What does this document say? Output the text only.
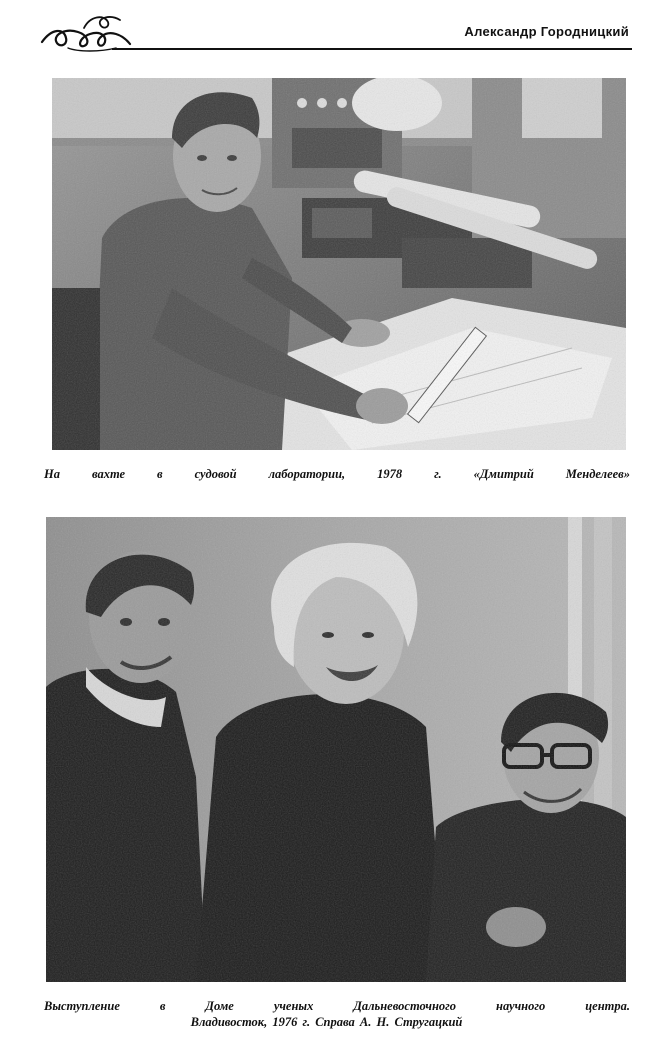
Александр Городницкий
На вахте в судовой лаборатории, 1978 г. «Дмитрий Менделеев»
Выступление в Доме ученых Дальневосточного научного центра.
Владивосток, 1976 г. Справа А. Н. Стругацкий
